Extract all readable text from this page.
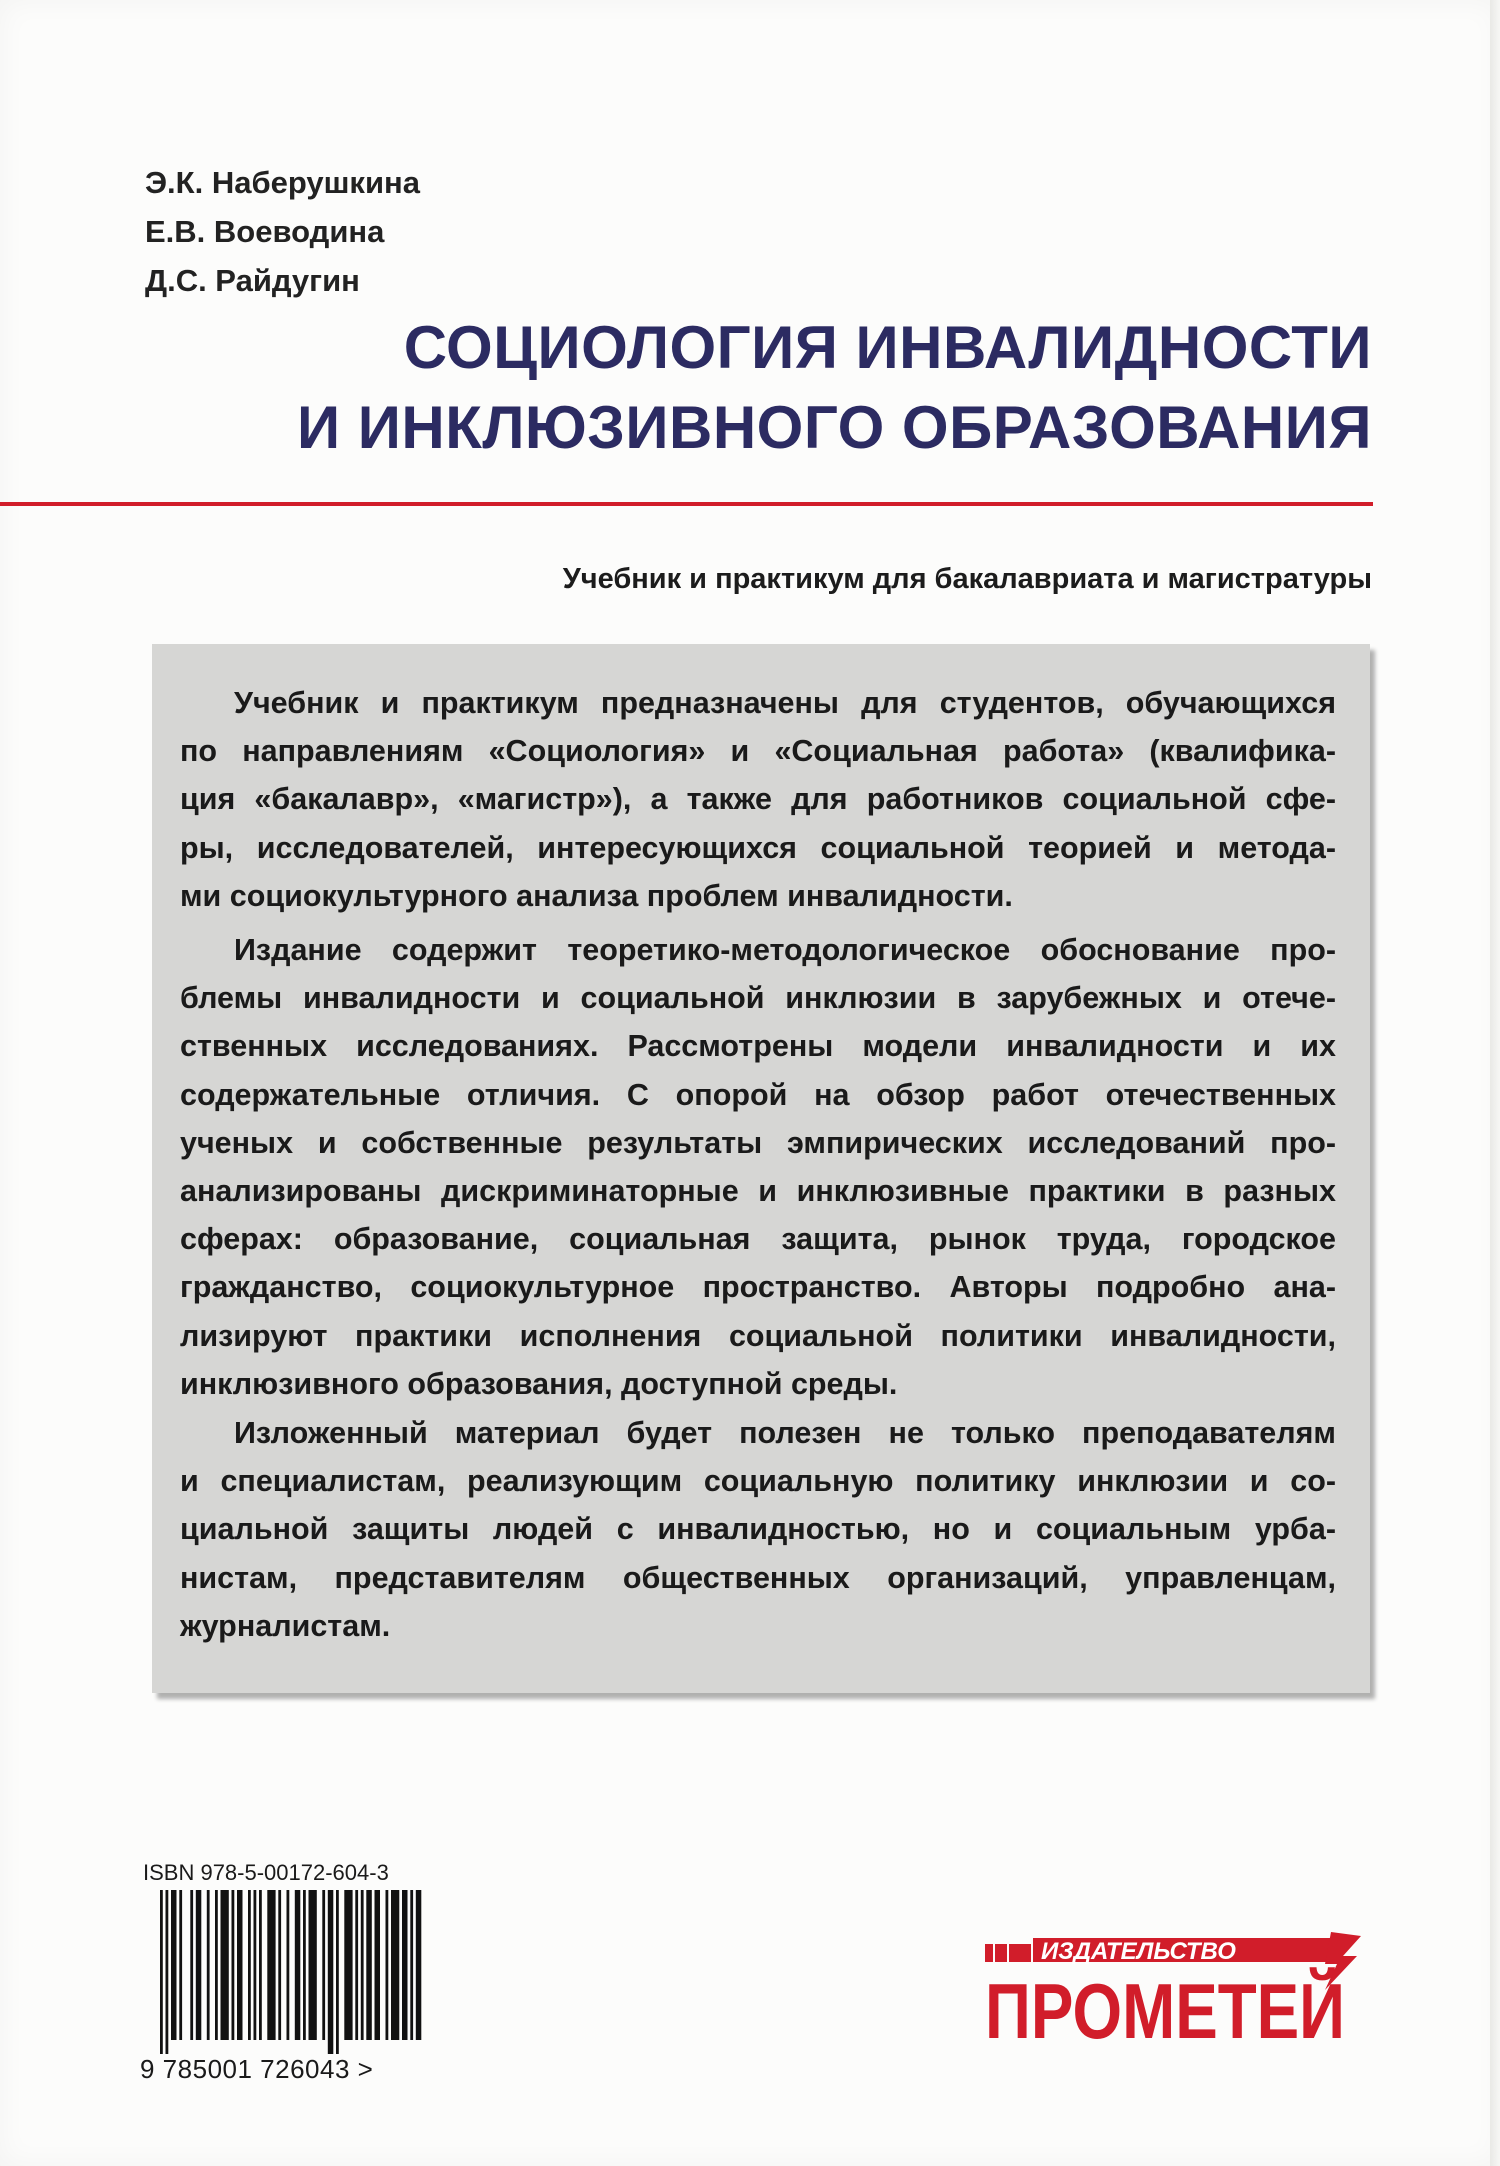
Э.К. Наберушкина
Е.В. Воеводина
Д.С. Райдугин
СОЦИОЛОГИЯ ИНВАЛИДНОСТИ
И ИНКЛЮЗИВНОГО ОБРАЗОВАНИЯ
Учебник и практикум для бакалавриата и магистратуры
Учебник и практикум предназначены для студентов, обучающихся
по направлениям «Социология» и «Социальная работа» (квалифика-
ция «бакалавр», «магистр»), а также для работников социальной сфе-
ры, исследователей, интересующихся социальной теорией и метода-
ми социокультурного анализа проблем инвалидности.
Издание содержит теоретико-методологическое обоснование про-
блемы инвалидности и социальной инклюзии в зарубежных и отече-
ственных исследованиях. Рассмотрены модели инвалидности и их
содержательные отличия. С опорой на обзор работ отечественных
ученых и собственные результаты эмпирических исследований про-
анализированы дискриминаторные и инклюзивные практики в разных
сферах: образование, социальная защита, рынок труда, городское
гражданство, социокультурное пространство. Авторы подробно ана-
лизируют практики исполнения социальной политики инвалидности,
инклюзивного образования, доступной среды.
Изложенный материал будет полезен не только преподавателям
и специалистам, реализующим социальную политику инклюзии и со-
циальной защиты людей с инвалидностью, но и социальным урба-
нистам, представителям общественных организаций, управленцам,
журналистам.
ISBN 978-5-00172-604-3
9 785001 726043 >
ИЗДАТЕЛЬСТВО
ПРОМЕТЕЙ
